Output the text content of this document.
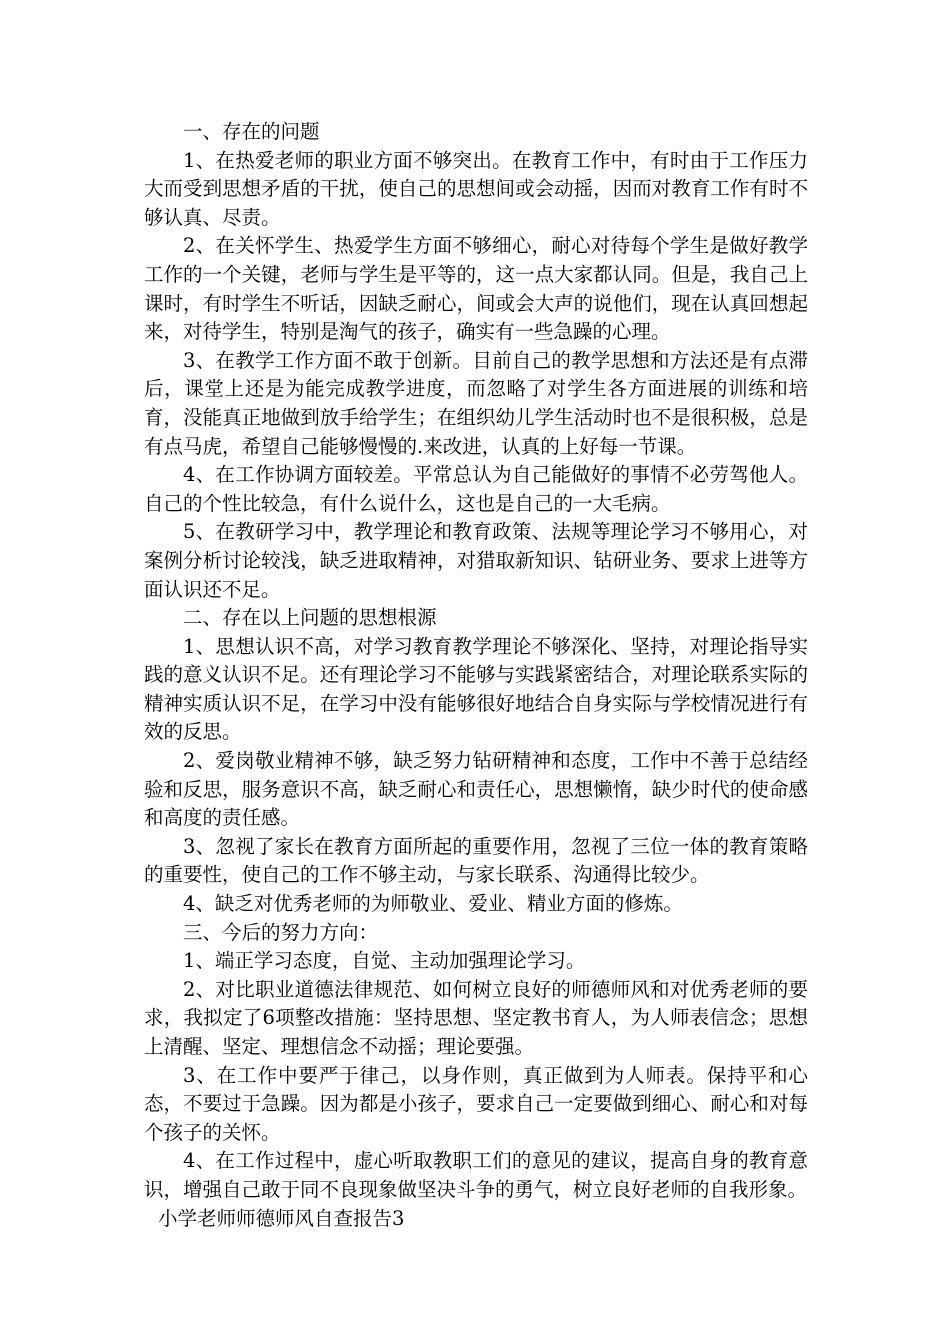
一、存在的问题

1、在热爱老师的职业方面不够突出。在教育工作中，有时由于工作压力大而受到思想矛盾的干扰，使自己的思想间或会动摇，因而对教育工作有时不够认真、尽责。

2、在关怀学生、热爱学生方面不够细心，耐心对待每个学生是做好教学工作的一个关键，老师与学生是平等的，这一点大家都认同。但是，我自己上课时，有时学生不听话，因缺乏耐心，间或会大声的说他们，现在认真回想起来，对待学生，特别是淘气的孩子，确实有一些急躁的心理。

3、在教学工作方面不敢于创新。目前自己的教学思想和方法还是有点滞后，课堂上还是为能完成教学进度，而忽略了对学生各方面进展的训练和培育，没能真正地做到放手给学生；在组织幼儿学生活动时也不是很积极，总是有点马虎，希望自己能够慢慢的.来改进，认真的上好每一节课。

4、在工作协调方面较差。平常总认为自己能做好的事情不必劳驾他人。自己的个性比较急，有什么说什么，这也是自己的一大毛病。

5、在教研学习中，教学理论和教育政策、法规等理论学习不够用心，对案例分析讨论较浅，缺乏进取精神，对猎取新知识、钻研业务、要求上进等方面认识还不足。

二、存在以上问题的思想根源

1、思想认识不高，对学习教育教学理论不够深化、坚持，对理论指导实践的意义认识不足。还有理论学习不能够与实践紧密结合，对理论联系实际的精神实质认识不足，在学习中没有能够很好地结合自身实际与学校情况进行有效的反思。

2、爱岗敬业精神不够，缺乏努力钻研精神和态度，工作中不善于总结经验和反思，服务意识不高，缺乏耐心和责任心，思想懒惰，缺少时代的使命感和高度的责任感。

3、忽视了家长在教育方面所起的重要作用，忽视了三位一体的教育策略的重要性，使自己的工作不够主动，与家长联系、沟通得比较少。

4、缺乏对优秀老师的为师敬业、爱业、精业方面的修炼。

三、今后的努力方向：

1、端正学习态度，自觉、主动加强理论学习。

2、对比职业道德法律规范、如何树立良好的师德师风和对优秀老师的要求，我拟定了6项整改措施：坚持思想、坚定教书育人，为人师表信念；思想上清醒、坚定、理想信念不动摇；理论要强。

3、在工作中要严于律己，以身作则，真正做到为人师表。保持平和心态，不要过于急躁。因为都是小孩子，要求自己一定要做到细心、耐心和对每个孩子的关怀。

4、在工作过程中，虚心听取教职工们的意见的建议，提高自身的教育意识，增强自己敢于同不良现象做坚决斗争的勇气，树立良好老师的自我形象。

小学老师师德师风自查报告3
